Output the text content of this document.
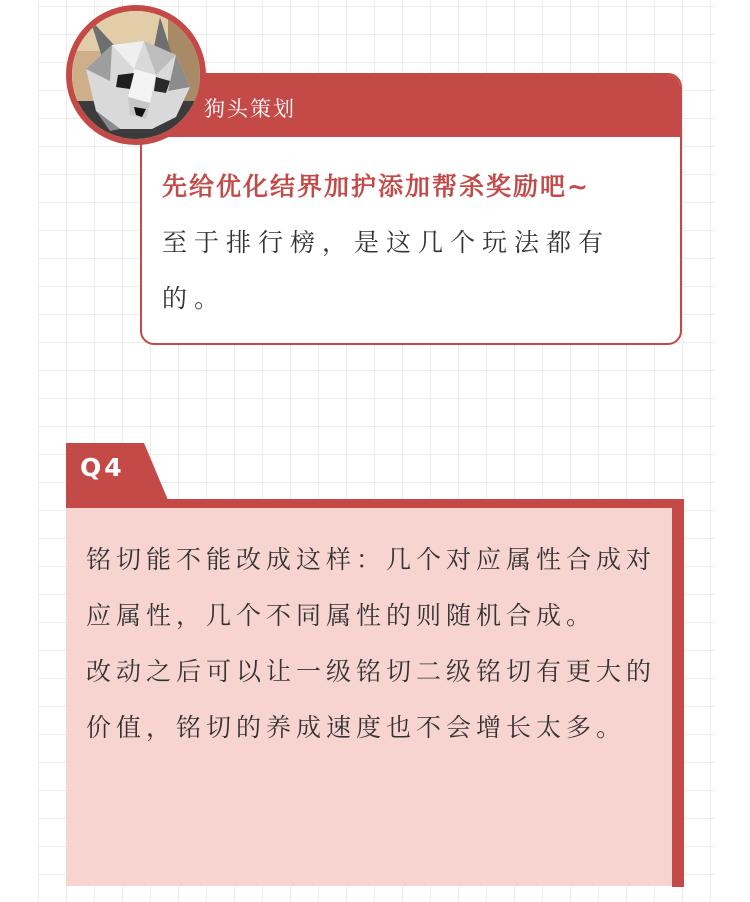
狗头策划
先给优化结界加护添加帮杀奖励吧~
至于排行榜，是这几个玩法都有的。
Q4
铭切能不能改成这样：几个对应属性合成对应属性，几个不同属性的则随机合成。
改动之后可以让一级铭切二级铭切有更大的价值，铭切的养成速度也不会增长太多。
